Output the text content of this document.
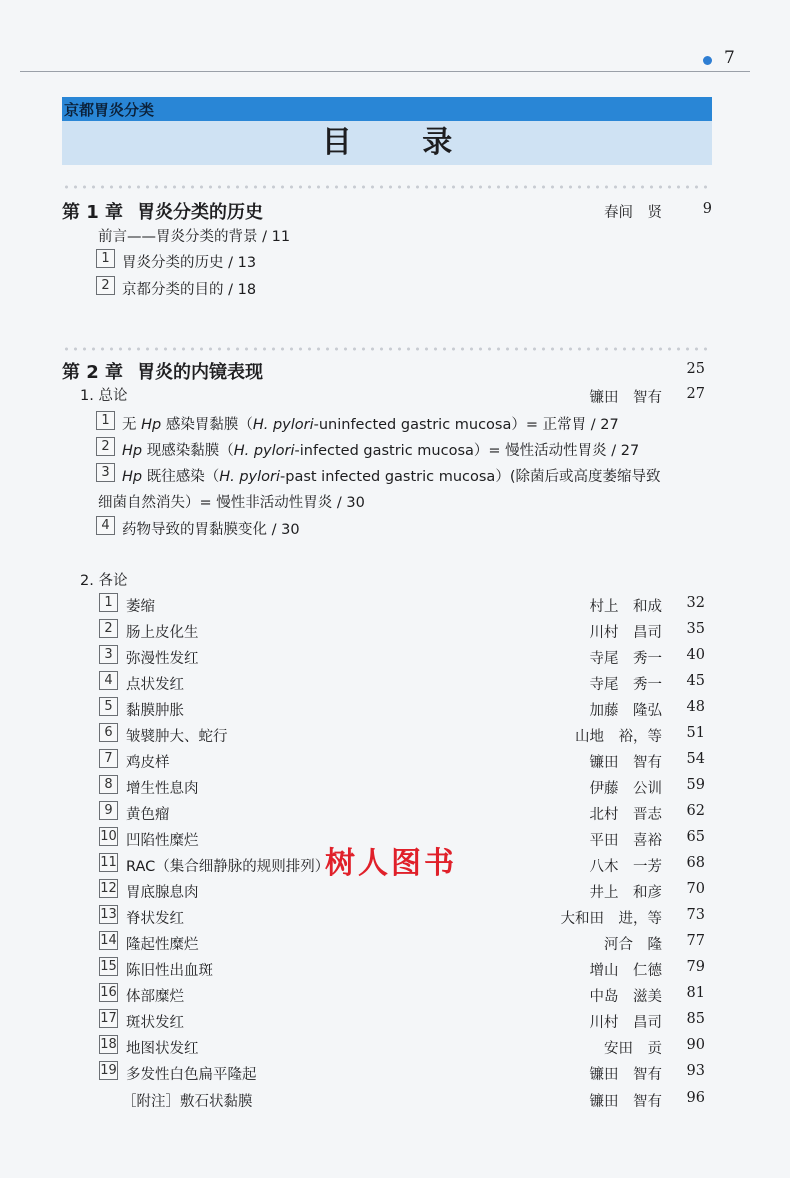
7
京都胃炎分类
目 录
第 1 章 胃炎分类的历史	春间　贤	9
前言——胃炎分类的背景 / 11
1 胃炎分类的历史 / 13
2 京都分类的目的 / 18
第 2 章 胃炎的内镜表现	25
1. 总论	镰田　智有 27
1 无 Hp 感染胃黏膜（H. pylori-uninfected gastric mucosa）= 正常胃 / 27
2 Hp 现感染黏膜（H. pylori-infected gastric mucosa）= 慢性活动性胃炎 / 27
3 Hp 既往感染（H. pylori-past infected gastric mucosa）(除菌后或高度萎缩导致
细菌自然消失）= 慢性非活动性胃炎 / 30
4 药物导致的胃黏膜变化 / 30
2. 各论
1 萎缩	村上　和成 32
2 肠上皮化生	川村　昌司 35
3 弥漫性发红	寺尾　秀一 40
4 点状发红	寺尾　秀一 45
5 黏膜肿胀	加藤　隆弘 48
6 皱襞肿大、蛇行	山地　裕，等 51
7 鸡皮样	镰田　智有 54
8 增生性息肉	伊藤　公训 59
9 黄色瘤	北村　晋志 62
10 凹陷性糜烂	平田　喜裕 65
11 RAC（集合细静脉的规则排列）	八木　一芳 68
12 胃底腺息肉	井上　和彦 70
13 脊状发红	大和田　进，等 73
14 隆起性糜烂	河合　隆 77
15 陈旧性出血斑	增山　仁德 79
16 体部糜烂	中岛　滋美 81
17 斑状发红	川村　昌司 85
18 地图状发红	安田　贡 90
19 多发性白色扁平隆起	镰田　智有 93
［附注］敷石状黏膜	镰田　智有 96
树人图书
